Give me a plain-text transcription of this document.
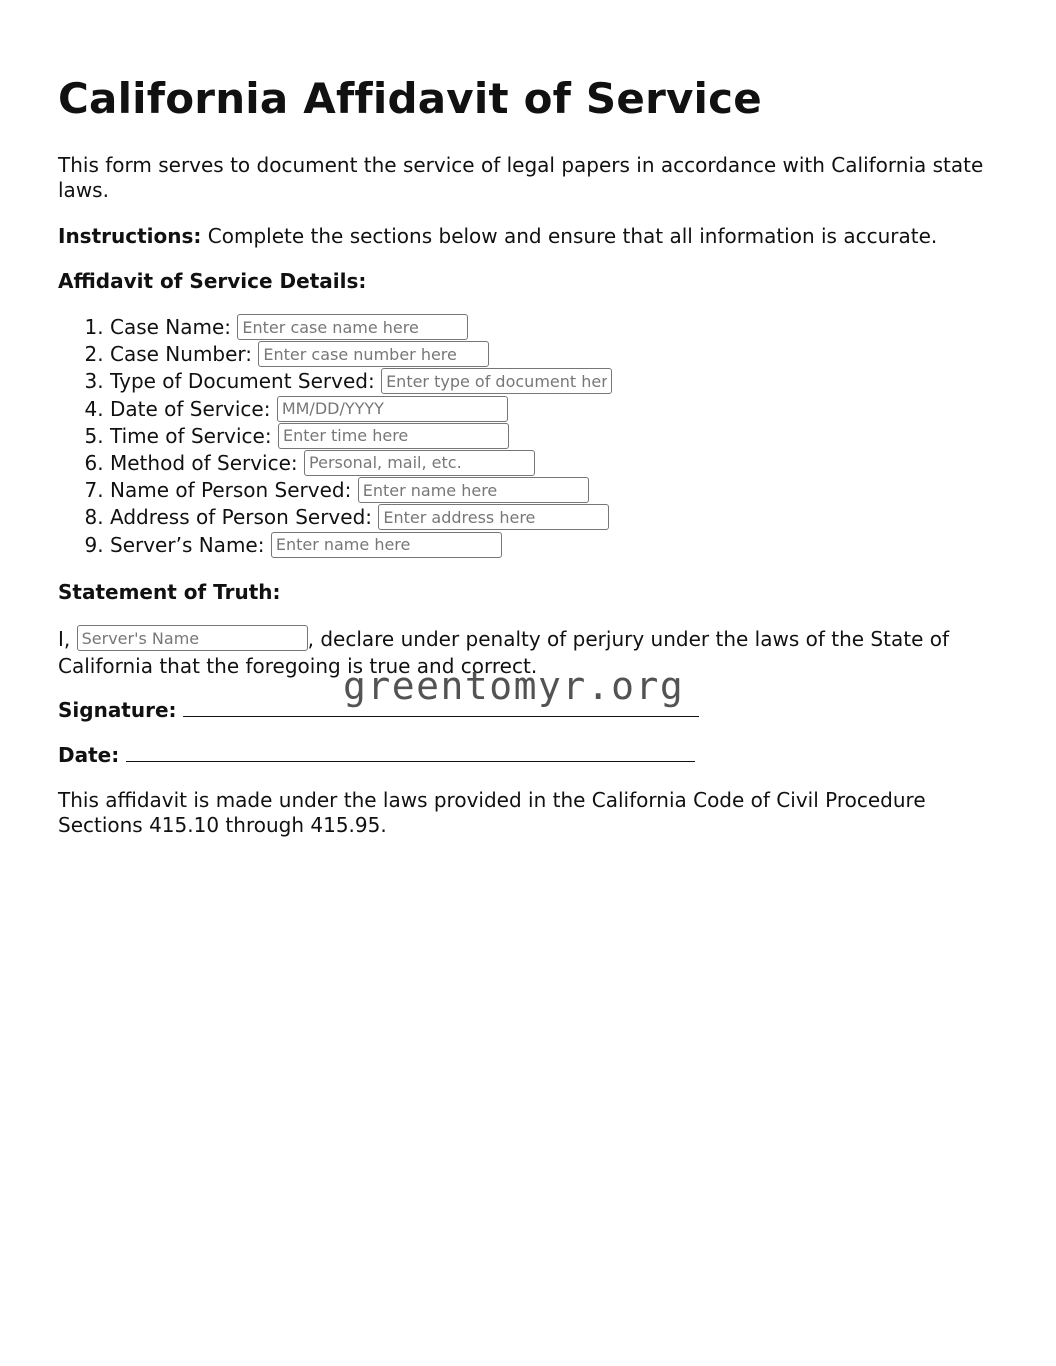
California Affidavit of Service

This form serves to document the service of legal papers in accordance with California state laws.

Instructions: Complete the sections below and ensure that all information is accurate.

Affidavit of Service Details:
1. Case Name: Enter case name here
2. Case Number: Enter case number here
3. Type of Document Served: Enter type of document here
4. Date of Service: MM/DD/YYYY
5. Time of Service: Enter time here
6. Method of Service: Personal, mail, etc.
7. Name of Person Served: Enter name here
8. Address of Person Served: Enter address here
9. Server’s Name: Enter name here
Statement of Truth:

I, Server's Name	, declare under penalty of perjury under the laws of the State of California that the foregoing is true and correct.

Signature:
Date:

This affidavit is made under the laws provided in the California Code of Civil Procedure Sections 415.10 through 415.95.

greentomyr.org
